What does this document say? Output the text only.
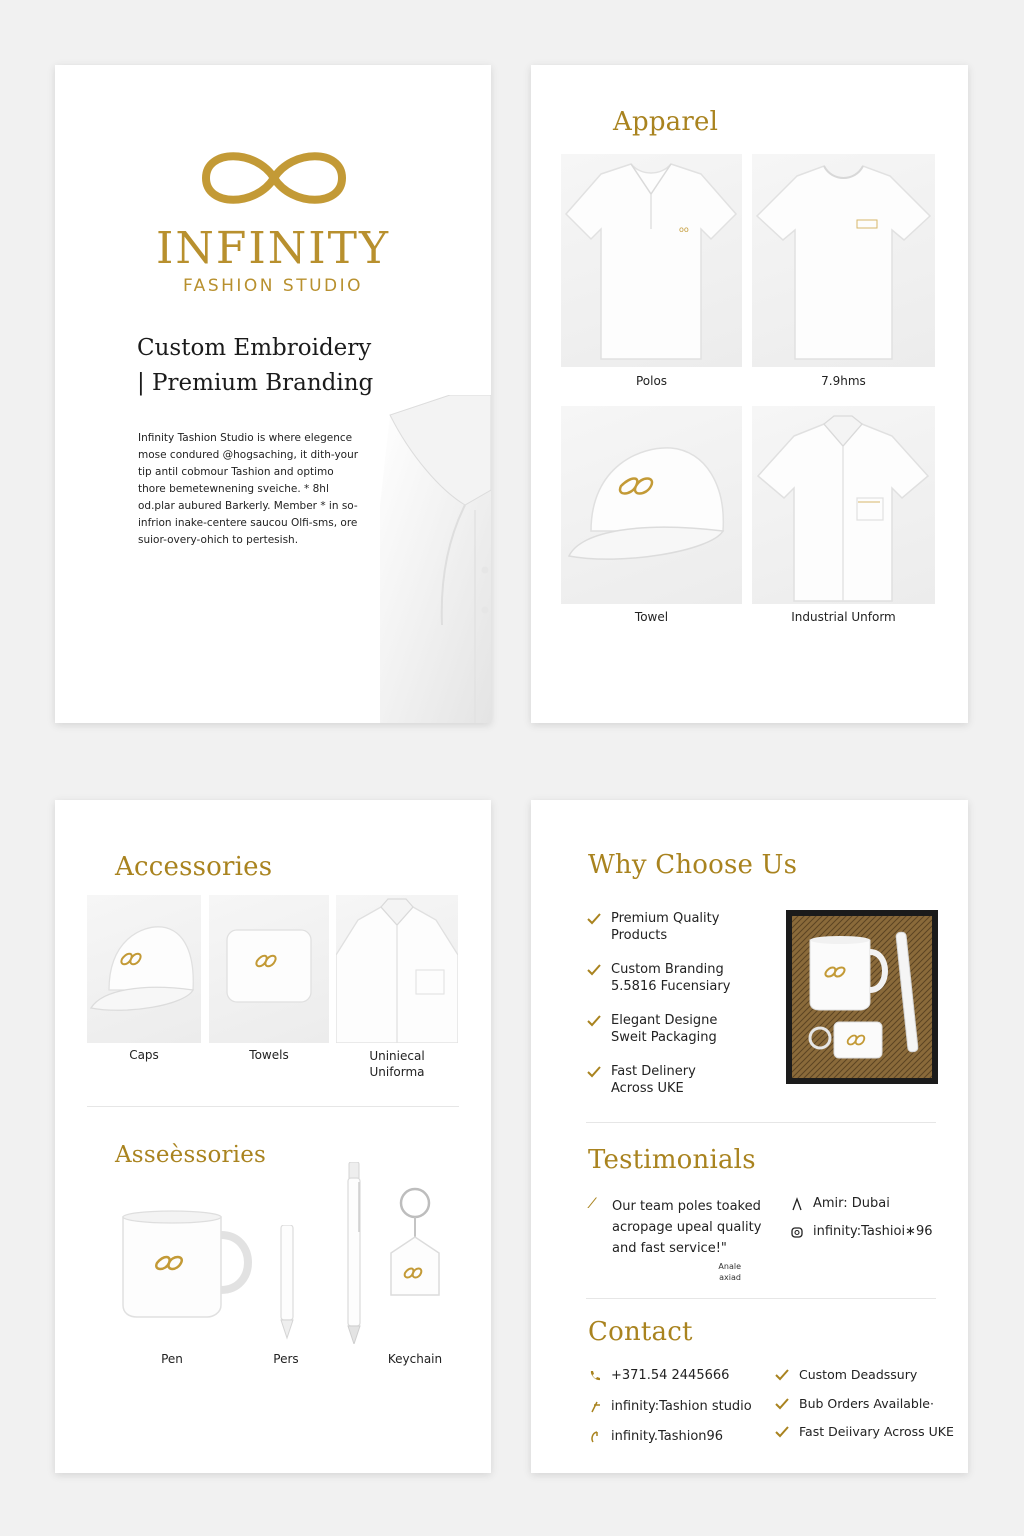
INFINITY
FASHION STUDIO
Custom Embroidery
| Premium Branding
Infinity Tashion Studio is where elegence
mose condured @hogsaching, it dith-your
tip antil cobmour Tashion and optimo
thore bemetewnening sveiche. * 8hl
od.plar aubured Barkerly. Member * in so-
infrion inake-centere saucou Olfi-sms, ore
suior-overy-ohich to pertesish.
Apparel
oo
Polos	7.9hms
Towel	Industrial Unform
Accessories
Caps	Towels	Uniniecal
Uniforma
Asseèssories
Pen	Pers	Keychain
Why Choose Us
Premium Quality
Products
Custom Branding
5.5816 Fucensiary
Elegant Designe
Sweit Packaging
Fast Delinery
Across UKE
Testimonials
⁄ Our team poles toaked
acropage upeal quality
and fast service!"
Anale
axiad
Amir: Dubai
infinity:Tashioi∗96
Contact
+371.54 2445666
infinity:Tashion studio
infinity.Tashion96
Custom Deadssury
Bub Orders Available·
Fast Deiivary Across UKE
